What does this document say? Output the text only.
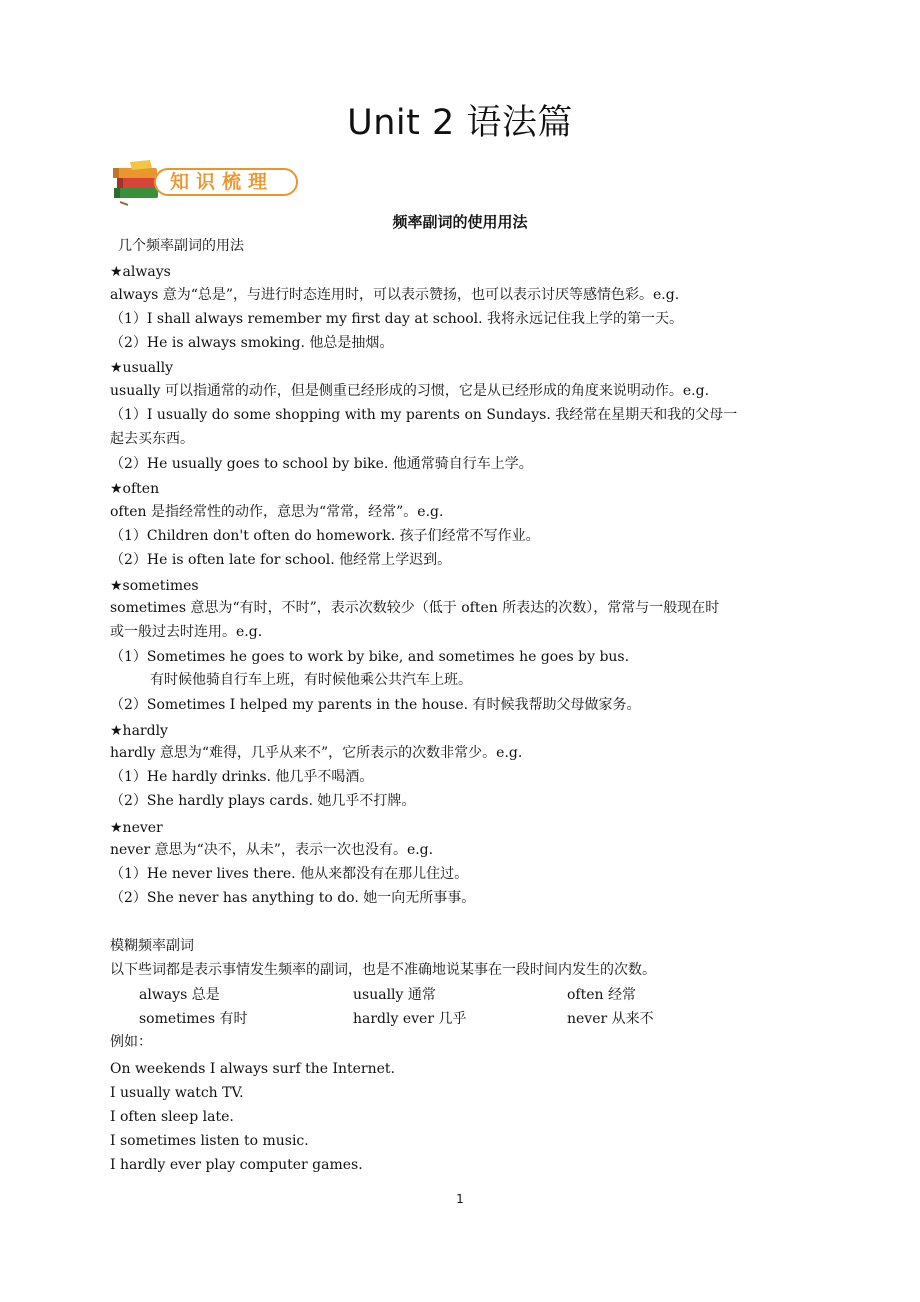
Unit 2 语法篇
知识梳理
频率副词的使用用法
几个频率副词的用法
★always
always 意为“总是”，与进行时态连用时，可以表示赞扬，也可以表示讨厌等感情色彩。e.g.
（1）I shall always remember my first day at school. 我将永远记住我上学的第一天。
（2）He is always smoking. 他总是抽烟。
★usually
usually 可以指通常的动作，但是侧重已经形成的习惯，它是从已经形成的角度来说明动作。e.g.
（1）I usually do some shopping with my parents on Sundays. 我经常在星期天和我的父母一
起去买东西。
（2）He usually goes to school by bike. 他通常骑自行车上学。
★often
often 是指经常性的动作，意思为“常常，经常”。e.g.
（1）Children don't often do homework. 孩子们经常不写作业。
（2）He is often late for school. 他经常上学迟到。
★sometimes
sometimes 意思为“有时，不时”，表示次数较少（低于 often 所表达的次数），常常与一般现在时
或一般过去时连用。e.g.
（1）Sometimes he goes to work by bike, and sometimes he goes by bus.
有时候他骑自行车上班，有时候他乘公共汽车上班。
（2）Sometimes I helped my parents in the house. 有时候我帮助父母做家务。
★hardly
hardly 意思为“难得，几乎从来不”，它所表示的次数非常少。e.g.
（1）He hardly drinks. 他几乎不喝酒。
（2）She hardly plays cards. 她几乎不打牌。
★never
never 意思为“决不，从未”，表示一次也没有。e.g.
（1）He never lives there. 他从来都没有在那儿住过。
（2）She never has anything to do. 她一向无所事事。
模糊频率副词
以下些词都是表示事情发生频率的副词，也是不准确地说某事在一段时间内发生的次数。
always 总是	usually 通常	often 经常
sometimes 有时	hardly ever 几乎	never 从来不
例如：
On weekends I always surf the Internet.
I usually watch TV.
I often sleep late.
I sometimes listen to music.
I hardly ever play computer games.
1
